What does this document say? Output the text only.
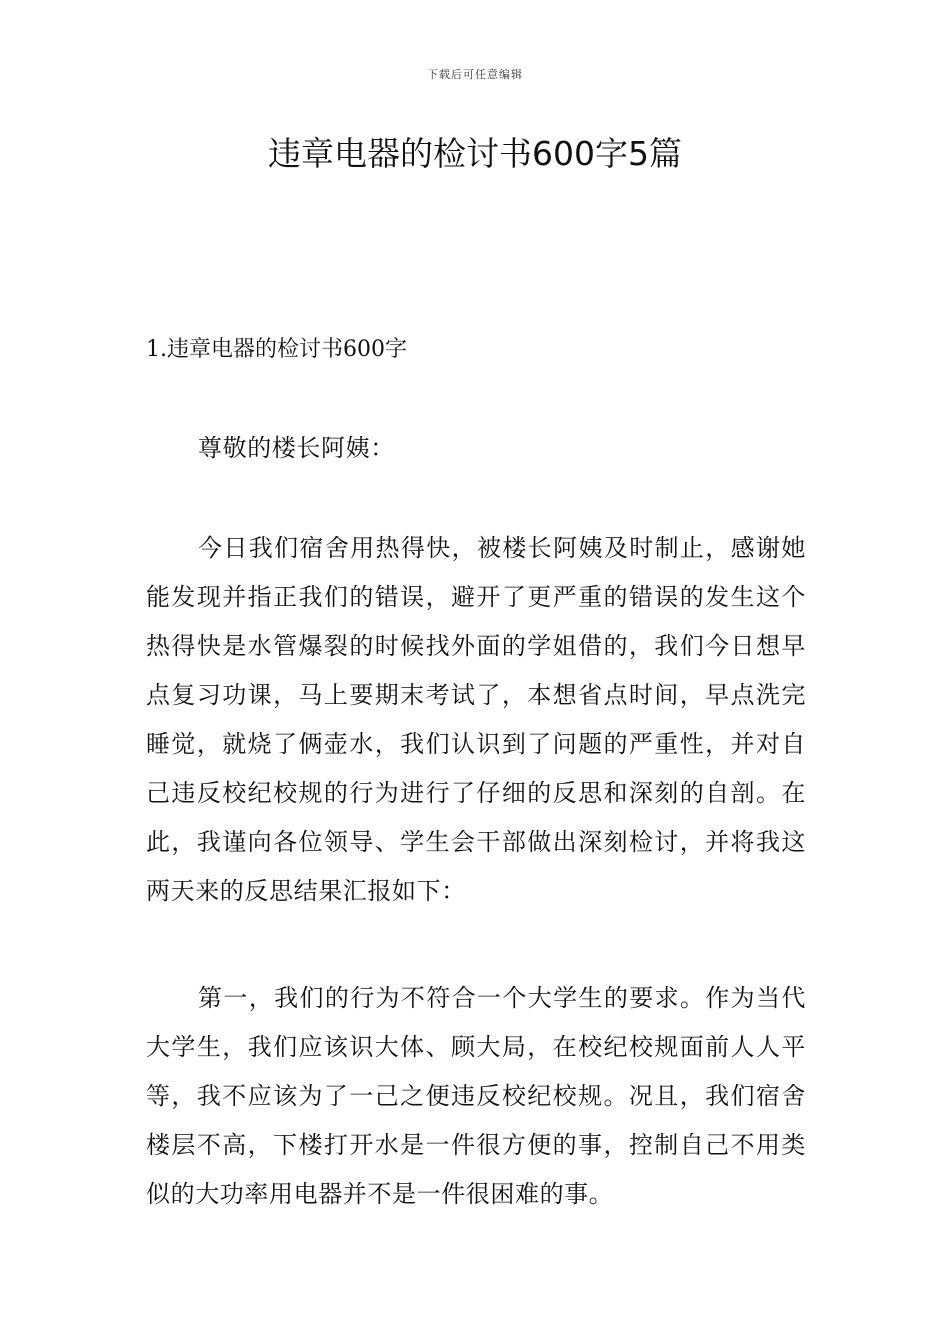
下载后可任意编辑
违章电器的检讨书600字5篇
1.违章电器的检讨书600字

尊敬的楼长阿姨：

今日我们宿舍用热得快，被楼长阿姨及时制止，感谢她能发现并指正我们的错误，避开了更严重的错误的发生这个热得快是水管爆裂的时候找外面的学姐借的，我们今日想早点复习功课，马上要期末考试了，本想省点时间，早点洗完睡觉，就烧了俩壶水，我们认识到了问题的严重性，并对自己违反校纪校规的行为进行了仔细的反思和深刻的自剖。在此，我谨向各位领导、学生会干部做出深刻检讨，并将我这两天来的反思结果汇报如下：

第一，我们的行为不符合一个大学生的要求。作为当代大学生，我们应该识大体、顾大局，在校纪校规面前人人平等，我不应该为了一己之便违反校纪校规。况且，我们宿舍楼层不高，下楼打开水是一件很方便的事，控制自己不用类似的大功率用电器并不是一件很困难的事。
